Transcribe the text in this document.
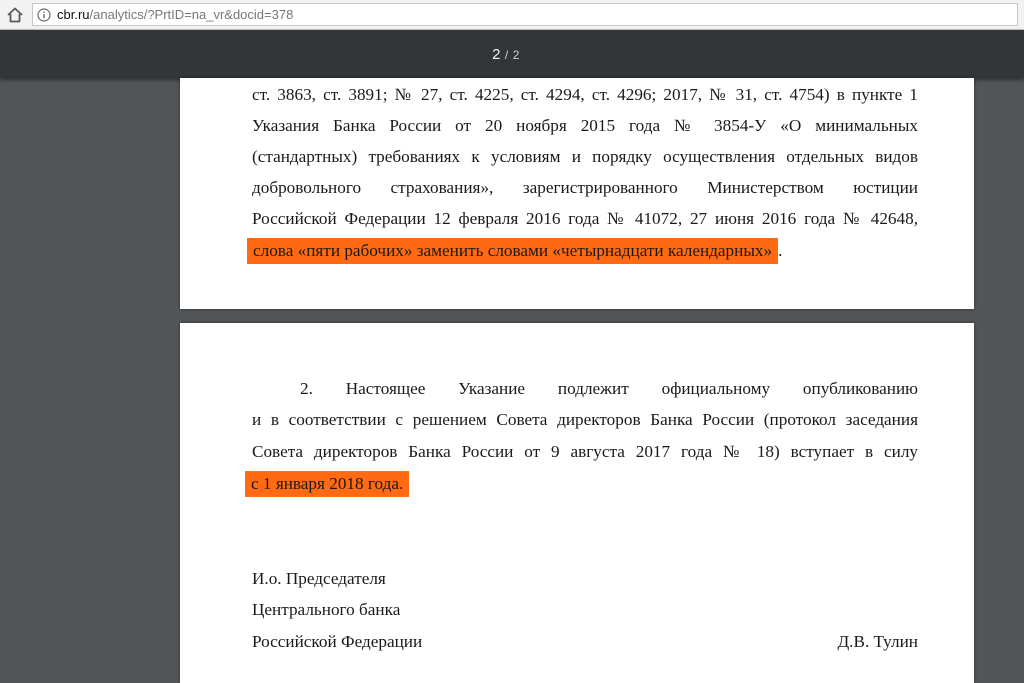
cbr.ru/analytics/?PrtID=na_vr&docid=378
2 / 2

ст. 3863, ст. 3891; № 27, ст. 4225, ст. 4294, ст. 4296; 2017, № 31, ст. 4754) в пункте 1

Указания Банка России от 20 ноября 2015 года № 3854-У «О минимальных

(стандартных) требованиях к условиям и порядку осуществления отдельных видов

добровольного страхования», зарегистрированного Министерством юстиции

Российской Федерации 12 февраля 2016 года № 41072, 27 июня 2016 года № 42648,

слова «пяти рабочих» заменить словами «четырнадцати календарных» .

2. Настоящее Указание подлежит официальному опубликованию

и в соответствии с решением Совета директоров Банка России (протокол заседания

Совета директоров Банка России от 9 августа 2017 года № 18) вступает в силу

с 1 января 2018 года.

И.о. Председателя

Центрального банка

Российской Федерации	Д.В. Тулин
